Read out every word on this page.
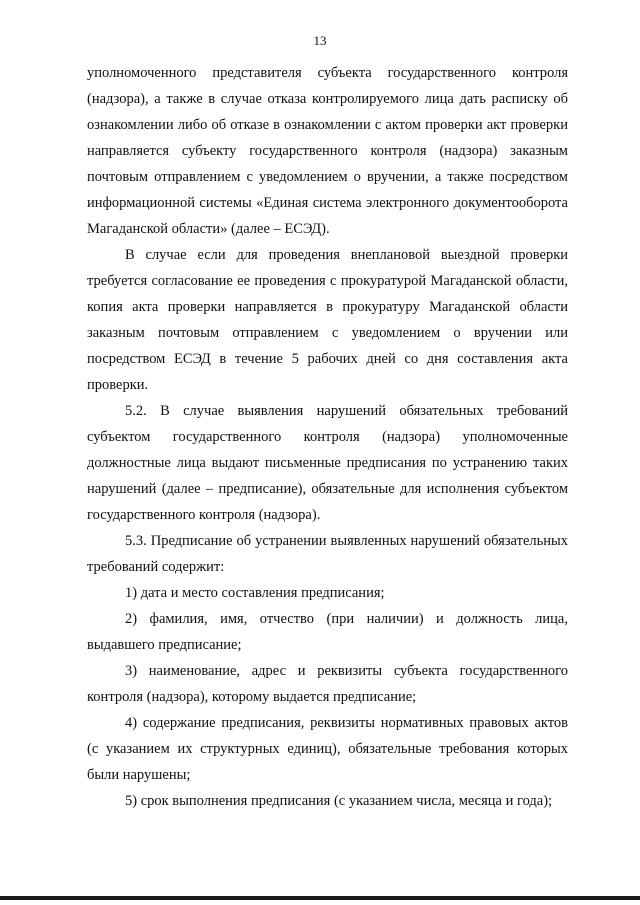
13

уполномоченного представителя субъекта государственного контроля (надзора), а также в случае отказа контролируемого лица дать расписку об ознакомлении либо об отказе в ознакомлении с актом проверки акт проверки направляется субъекту государственного контроля (надзора) заказным почтовым отправлением с уведомлением о вручении, а также посредством информационной системы «Единая система электронного документооборота Магаданской области» (далее – ЕСЭД).

В случае если для проведения внеплановой выездной проверки требуется согласование ее проведения с прокуратурой Магаданской области, копия акта проверки направляется в прокуратуру Магаданской области заказным почтовым отправлением с уведомлением о вручении или посредством ЕСЭД в течение 5 рабочих дней со дня составления акта проверки.

5.2. В случае выявления нарушений обязательных требований субъектом государственного контроля (надзора) уполномоченные должностные лица выдают письменные предписания по устранению таких нарушений (далее – предписание), обязательные для исполнения субъектом государственного контроля (надзора).

5.3. Предписание об устранении выявленных нарушений обязательных требований содержит:

1) дата и место составления предписания;

2) фамилия, имя, отчество (при наличии) и должность лица, выдавшего предписание;

3) наименование, адрес и реквизиты субъекта государственного контроля (надзора), которому выдается предписание;

4) содержание предписания, реквизиты нормативных правовых актов (с указанием их структурных единиц), обязательные требования которых были нарушены;

5) срок выполнения предписания (с указанием числа, месяца и года);
